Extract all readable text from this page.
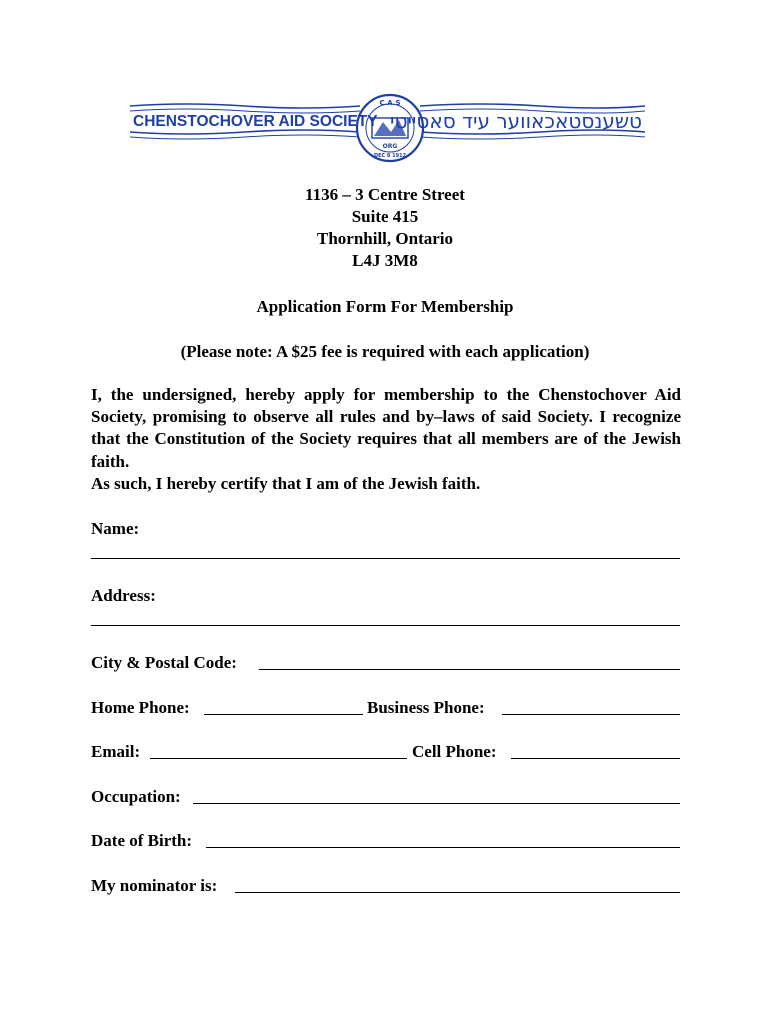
C.A.S
ORG
DEC 8 1912
CHENSTOCHOVER AID SOCIETY טשענסטאכאווער עיד סאסייטי
1136 – 3 Centre Street
Suite 415
Thornhill, Ontario
L4J 3M8
Application Form For Membership
(Please note: A $25 fee is required with each application)
I, the undersigned, hereby apply for membership to the Chenstochover Aid Society, promising to observe all rules and by–laws of said Society. I recognize that the Constitution of the Society requires that all members are of the Jewish faith.
As such, I hereby certify that I am of the Jewish faith.
Name:
Address:
City & Postal Code:
Home Phone:	Business Phone:
Email:	Cell Phone:
Occupation:
Date of Birth:
My nominator is:
